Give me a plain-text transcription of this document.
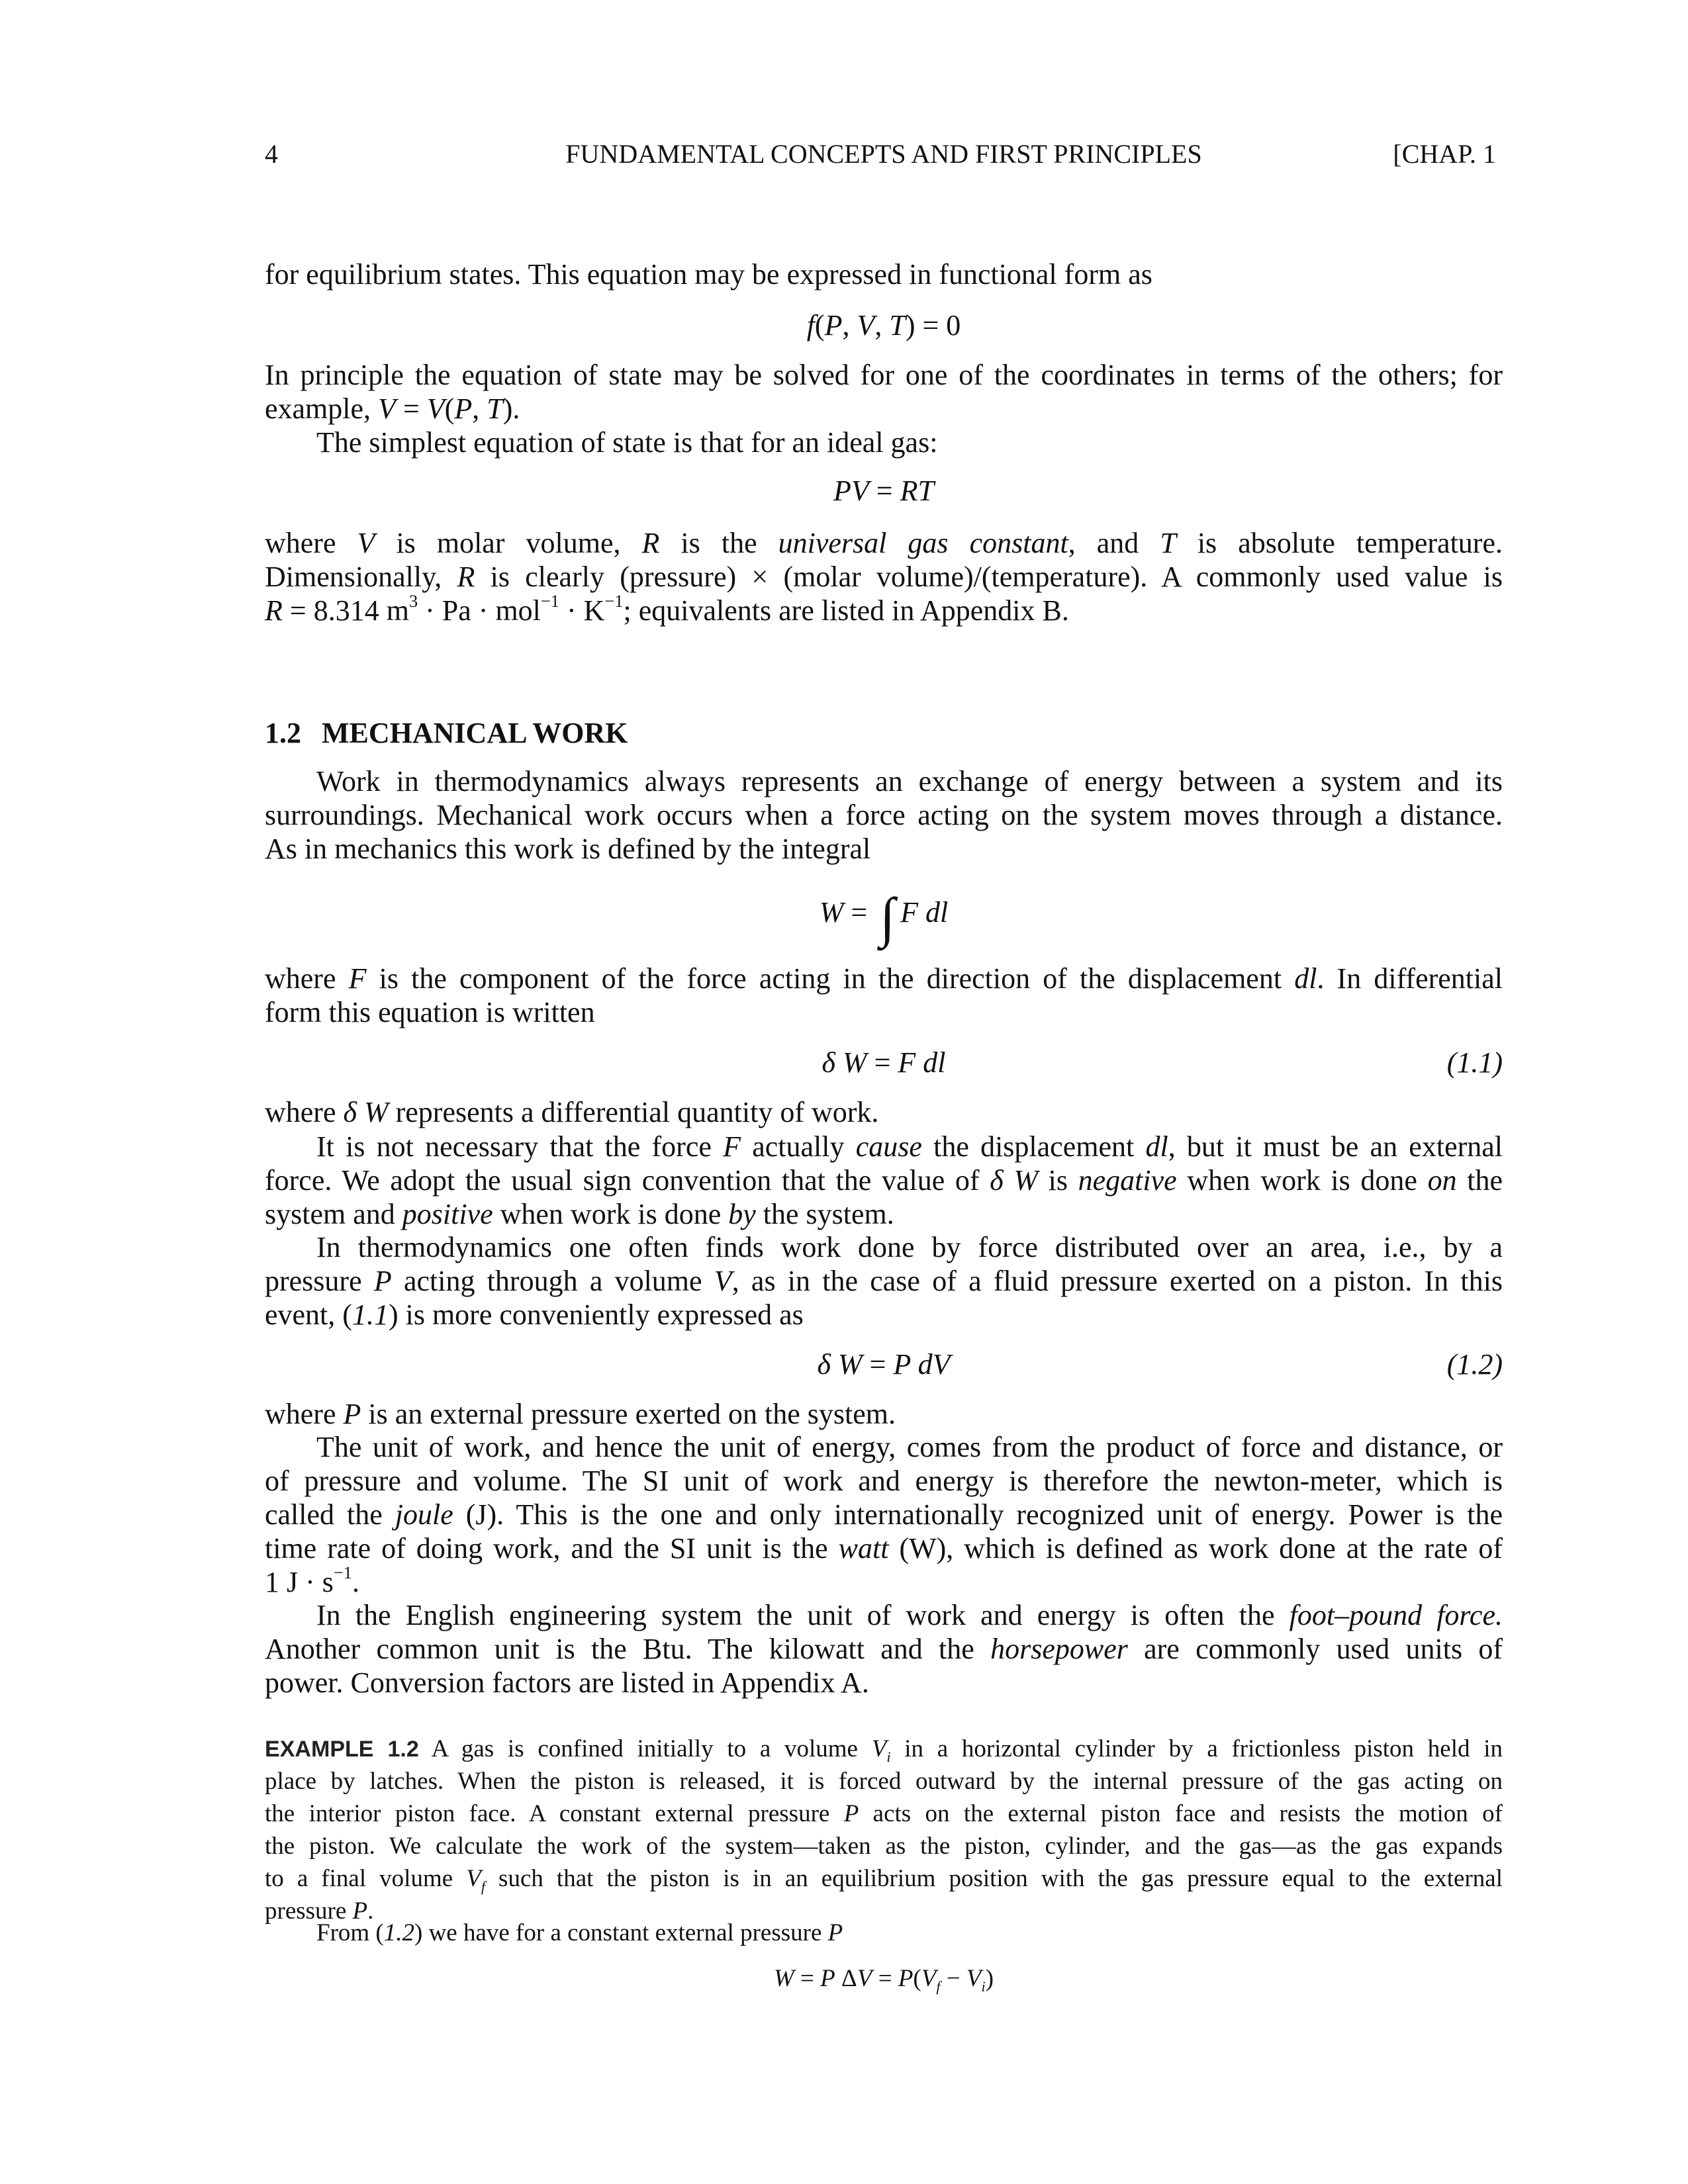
4	FUNDAMENTAL CONCEPTS AND FIRST PRINCIPLES	[CHAP. 1
for equilibrium states. This equation may be expressed in functional form as
f(P, V, T) = 0
In principle the equation of state may be solved for one of the coordinates in terms of the others; for
example, V = V(P, T).
The simplest equation of state is that for an ideal gas:
PV = RT
where V is molar volume, R is the universal gas constant, and T is absolute temperature.
Dimensionally, R is clearly (pressure) × (molar volume)/(temperature). A commonly used value is
R = 8.314 $m^3 \cdot Pa \cdot mol^{-1} \cdot K^{-1}$; equivalents are listed in Appendix B.
1.2 MECHANICAL WORK
Work in thermodynamics always represents an exchange of energy between a system and its
surroundings. Mechanical work occurs when a force acting on the system moves through a distance.
As in mechanics this work is defined by the integral
W = ∫ F dl
where F is the component of the force acting in the direction of the displacement dl. In differential
form this equation is written
δ W = F dl	(1.1)
where δ W represents a differential quantity of work.
It is not necessary that the force F actually cause the displacement dl, but it must be an external
force. We adopt the usual sign convention that the value of δ W is negative when work is done on the
system and positive when work is done by the system.
In thermodynamics one often finds work done by force distributed over an area, i.e., by a
pressure P acting through a volume V, as in the case of a fluid pressure exerted on a piston. In this
event, (1.1) is more conveniently expressed as
δ W = P dV	(1.2)
where P is an external pressure exerted on the system.
The unit of work, and hence the unit of energy, comes from the product of force and distance, or
of pressure and volume. The SI unit of work and energy is therefore the newton-meter, which is
called the joule (J). This is the one and only internationally recognized unit of energy. Power is the
time rate of doing work, and the SI unit is the watt (W), which is defined as work done at the rate of
1 $J \cdot s^{-1}$.
In the English engineering system the unit of work and energy is often the foot–pound force.
Another common unit is the Btu. The kilowatt and the horsepower are commonly used units of
power. Conversion factors are listed in Appendix A.
EXAMPLE 1.2 A gas is confined initially to a volume $V_i$ in a horizontal cylinder by a frictionless piston held in
place by latches. When the piston is released, it is forced outward by the internal pressure of the gas acting on
the interior piston face. A constant external pressure P acts on the external piston face and resists the motion of
the piston. We calculate the work of the system—taken as the piston, cylinder, and the gas—as the gas expands
to a final volume $V_f$ such that the piston is in an equilibrium position with the gas pressure equal to the external
pressure P.
From (1.2) we have for a constant external pressure P
W = P $\Delta V = P(V_f - V_i)$
